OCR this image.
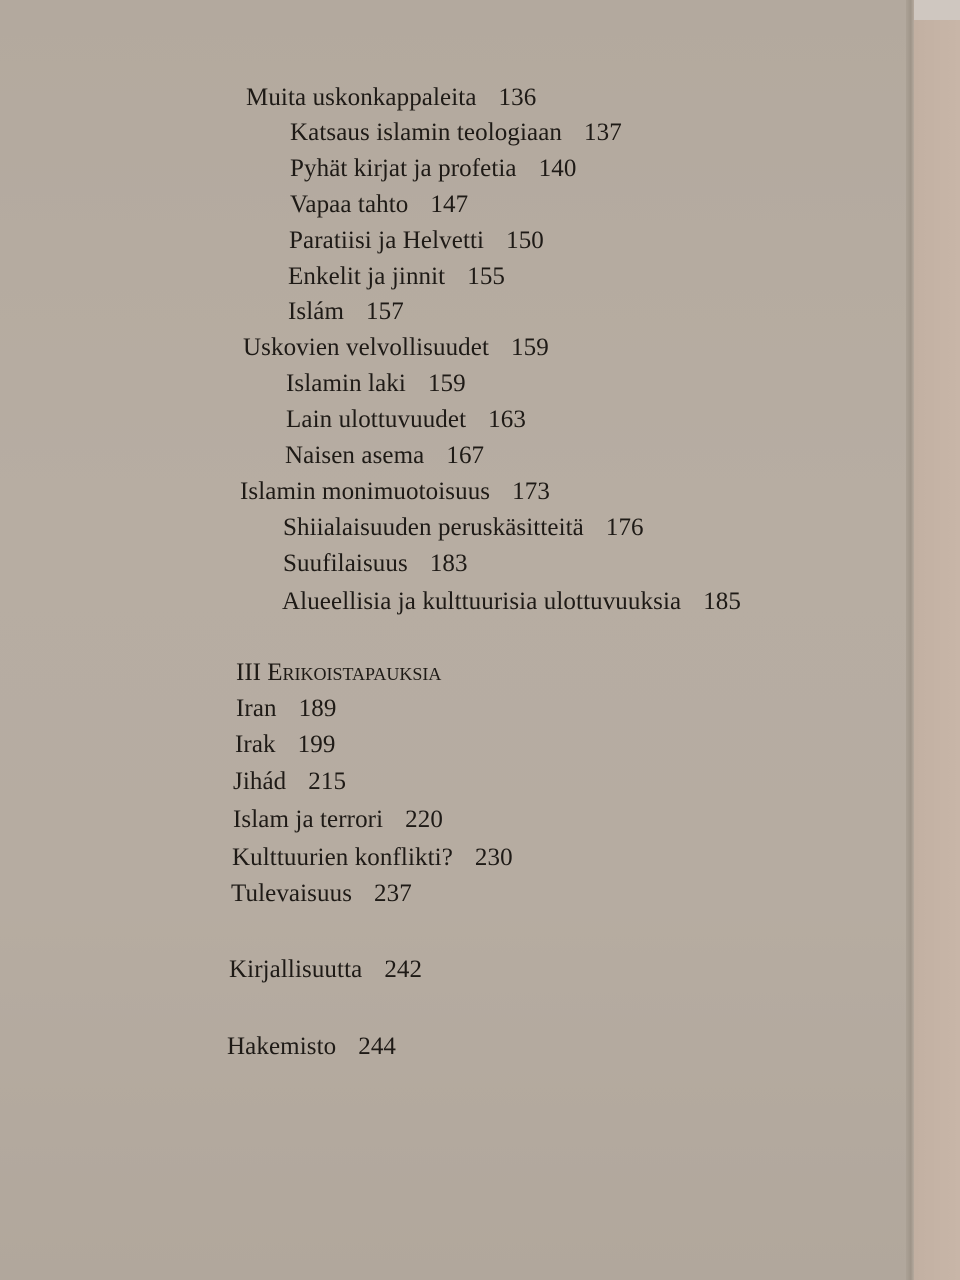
Muita uskonkappaleita 136
Katsaus islamin teologiaan 137
Pyhät kirjat ja profetia 140
Vapaa tahto 147
Paratiisi ja Helvetti 150
Enkelit ja jinnit 155
Islám 157
Uskovien velvollisuudet 159
Islamin laki 159
Lain ulottuvuudet 163
Naisen asema 167
Islamin monimuotoisuus 173
Shiialaisuuden peruskäsitteitä 176
Suufilaisuus 183
Alueellisia ja kulttuurisia ulottuvuuksia 185
III Erikoistapauksia
Iran 189
Irak 199
Jihád 215
Islam ja terrori 220
Kulttuurien konflikti? 230
Tulevaisuus 237
Kirjallisuutta 242
Hakemisto 244
